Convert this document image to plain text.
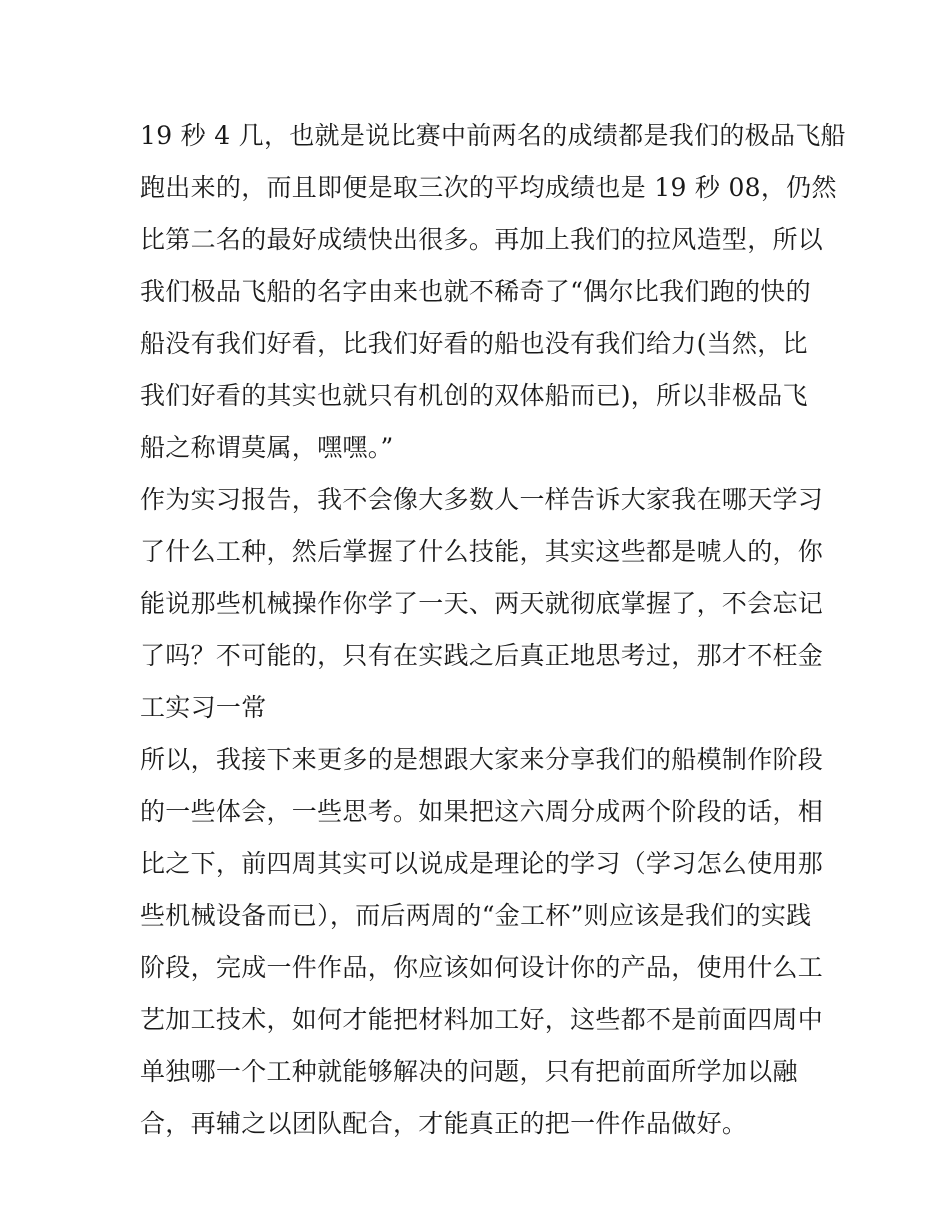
19 秒 4 几，也就是说比赛中前两名的成绩都是我们的极品飞船
跑出来的，而且即便是取三次的平均成绩也是 19 秒 08，仍然
比第二名的最好成绩快出很多。再加上我们的拉风造型，所以
我们极品飞船的名字由来也就不稀奇了“偶尔比我们跑的快的
船没有我们好看，比我们好看的船也没有我们给力(当然，比
我们好看的其实也就只有机创的双体船而已)，所以非极品飞
船之称谓莫属，嘿嘿。”
作为实习报告，我不会像大多数人一样告诉大家我在哪天学习
了什么工种，然后掌握了什么技能，其实这些都是唬人的，你
能说那些机械操作你学了一天、两天就彻底掌握了，不会忘记
了吗？不可能的，只有在实践之后真正地思考过，那才不枉金
工实习一常
所以，我接下来更多的是想跟大家来分享我们的船模制作阶段
的一些体会，一些思考。如果把这六周分成两个阶段的话，相
比之下，前四周其实可以说成是理论的学习（学习怎么使用那
些机械设备而已），而后两周的“金工杯”则应该是我们的实践
阶段，完成一件作品，你应该如何设计你的产品，使用什么工
艺加工技术，如何才能把材料加工好，这些都不是前面四周中
单独哪一个工种就能够解决的问题，只有把前面所学加以融
合，再辅之以团队配合，才能真正的把一件作品做好。
